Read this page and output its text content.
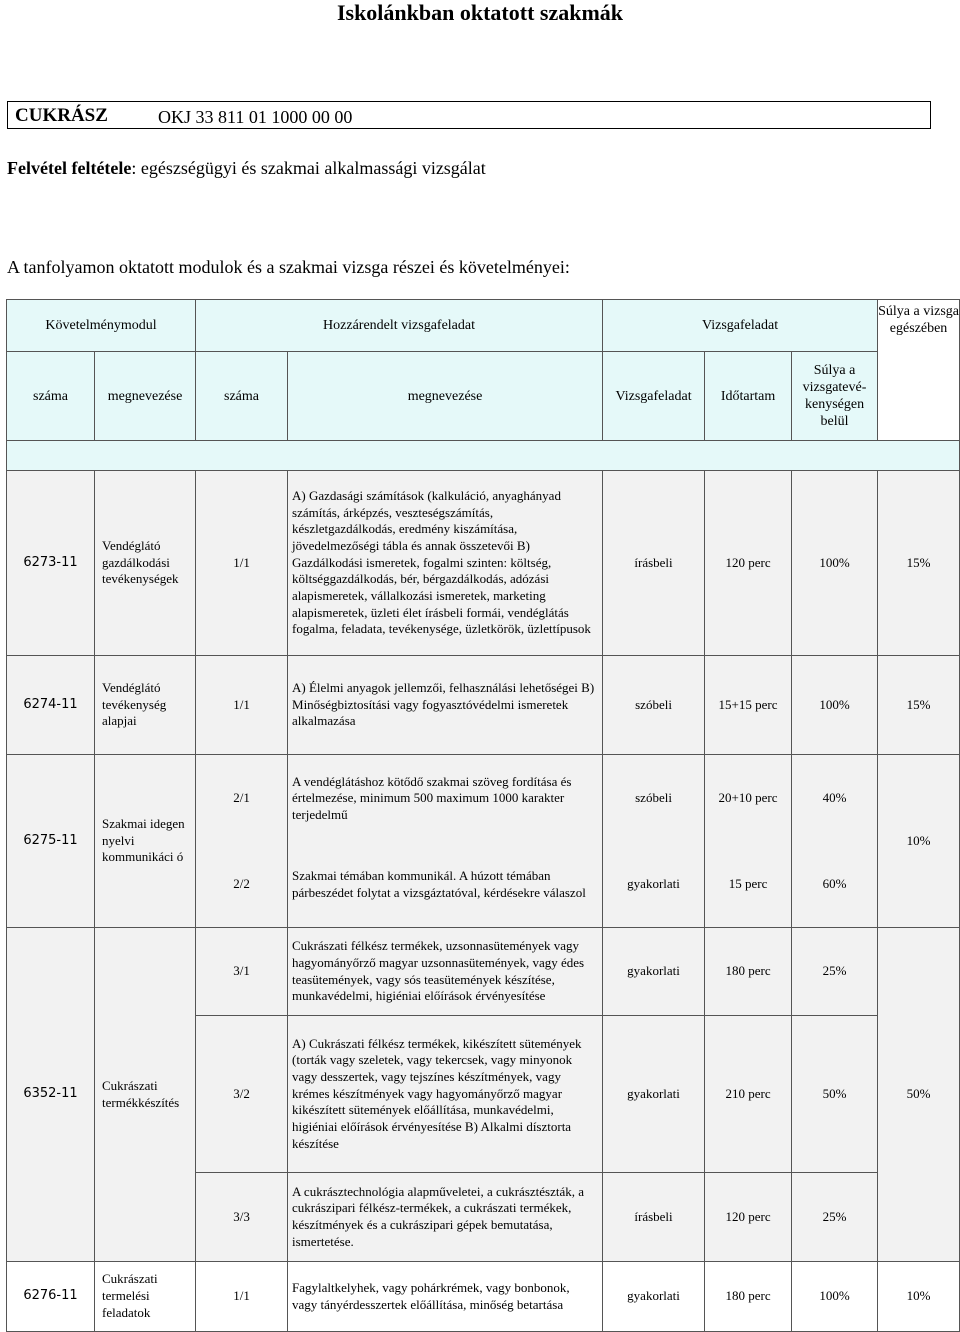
Iskolánkban oktatott szakmák
CUKRÁSZ	OKJ 33 811 01 1000 00 00
Felvétel feltétele: egészségügyi és szakmai alkalmassági vizsgálat
A tanfolyamon oktatott modulok és a szakmai vizsga részei és követelményei:
Követelménymodul		Hozzárendelt vizsgafeladat		Vizsgafeladat			Súlya a vizsga egészében
száma	megnevezése	száma	megnevezése	Vizsgafeladat	Időtartam	Súlya a vizsgatevé-kenységen belül	

6273-11	Vendéglátó gazdálkodási tevékenységek	1/1	A) Gazdasági számítások (kalkuláció, anyaghányad számítás, árképzés, veszteségszámítás, készletgazdálkodás, eredmény kiszámítása, jövedelmezőségi tábla és annak összetevői B) Gazdálkodási ismeretek, fogalmi szinten: költség, költséggazdálkodás, bér, bérgazdálkodás, adózási alapismeretek, vállalkozási ismeretek, marketing alapismeretek, üzleti élet írásbeli formái, vendéglátás fogalma, feladata, tevékenysége, üzletkörök, üzlettípusok	írásbeli	120 perc	100%	15%
6274-11	Vendéglátó tevékenység alapjai	1/1	A) Élelmi anyagok jellemzői, felhasználási lehetőségei B) Minőségbiztosítási vagy fogyasztóvédelmi ismeretek alkalmazása	szóbeli	15+15 perc	100%	15%
6275-11	Szakmai idegen nyelvi kommunikáci ó	2/1	A vendéglátáshoz kötődő szakmai szöveg fordítása és értelmezése, minimum 500 maximum 1000 karakter terjedelmű	szóbeli	20+10 perc	40%	10%
		2/2	Szakmai témában kommunikál. A húzott témában párbeszédet folytat a vizsgáztatóval, kérdésekre válaszol	gyakorlati	15 perc	60%	
6352-11	Cukrászati termékkészítés	3/1	Cukrászati félkész termékek, uzsonnasütemények vagy hagyományőrző magyar uzsonnasütemények, vagy édes teasütemények, vagy sós teasütemények készítése, munkavédelmi, higiéniai előírások érvényesítése	gyakorlati	180 perc	25%	50%
		3/2	A) Cukrászati félkész termékek, kikészített sütemények (torták vagy szeletek, vagy tekercsek, vagy minyonok vagy desszertek, vagy tejszínes készítmények, vagy krémes készítmények vagy hagyományőrző magyar kikészített sütemények előállítása, munkavédelmi, higiéniai előírások érvényesítése B) Alkalmi dísztorta készítése	gyakorlati	210 perc	50%	
		3/3	A cukrásztechnológia alapműveletei, a cukrásztészták, a cukrászipari félkész-termékek, a cukrászati termékek, készítmények és a cukrászipari gépek bemutatása, ismertetése.	írásbeli	120 perc	25%	
6276-11	Cukrászati termelési feladatok	1/1	Fagylaltkelyhek, vagy pohárkrémek, vagy bonbonok, vagy tányérdesszertek előállítása, minőség betartása	gyakorlati	180 perc	100%	10%
